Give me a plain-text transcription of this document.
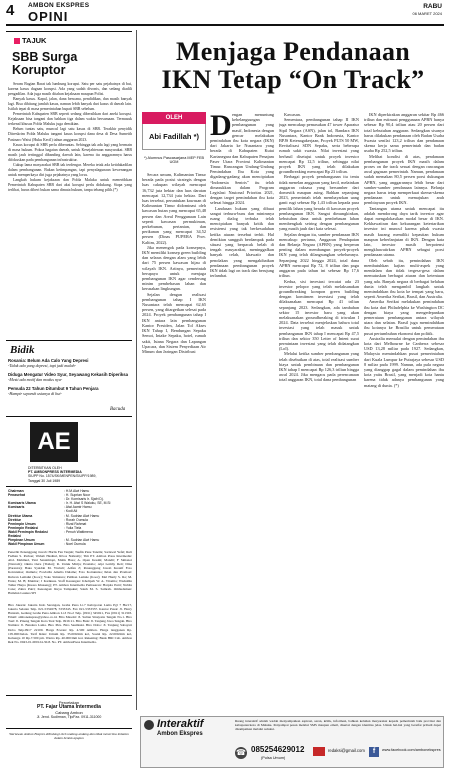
4 AMBON EKSPRES
OPINI
RABU
06 MARET 2024
TAJUK
SBB Surga Koruptor

Seram Bagian Barat tak lumbung korupsi. Satu per satu pejabatnya di bui, karena kasus dugaan korupsi. Ada yang sudah divonis, dan sedang diadili pengadilan. Ada juga masih ditahan kejaksaan maupun Polisi.

Banyak kasus. Kapal, jalan, dana bencana, pendidikan, dan masih banyak lagi. Bisa dihitung jumlah kasus, namun lebih banyak dari kasus di daerah lain. Istilah tepat di masa pemerintahan bupati SBB sebelum.

Pemerintah Kabupaten SBB seperti sedang dibersihkan dari aneki korupsi. Kejaksaan bisa tangani dan bahkan tiga dalam waktu bersamaan. Termasuk terkenal khusus Polda Maluku juga demikian.

Belum tuntas satu, muncul lagi satu kasus di SBB. Terakhir penyidik Ditreskrim Polda Maluku tangani kasus korupsi dana desa di Desa Sumeith Pasinaro Waisi (Huku Kecil) tahun anggaran 2023.

Kasus korupsi di SBB perlu diberantas. Sehingga tak ada lagi yang bermain di masa hukum. Pokoa bagaian daerah, untuk Kesejahteraan masyarakat. SBB masih jauh tertinggal dibanding daerah lain, karena itu anggarannya harus difokuskan pada pembangunan infrastruktur.

Cukup lama masyarakat SBB tak terdengar. Mereka tetak ada ketidakadilan dalam pembangunan. Bukan ketimpangan, tapi penyalagunaan kewenangan untuk memperkaya diri juga pejabatnya yang lorsu.

Langkah hukum kejaksaan dan Polda Maluku untuk menertibkan Pemerintah Kabupaten SBB dari aksi korupsi perlu didukung. Siapa yang terlibat, harus diberi bukan sama dimata hukum, tanpa tebang pilih.(*)

Bidik
Rosania: Belum Ada Calo Yang Depresi
-Tidak ada yang depresi, tapi jadi malah-
Diduga Mengatur Video Syur, Seyawang Kekasih Diperiksa
-Mesti ada motif dan modus nya-
Pemuda 22 Tahun Ditumbut 9 Tahun Penjara
-Hampir separuh usianya di bui-
Bacuda
AE
DITERBITKAN OLEH
PT. AMBONPRESS INTERMEDIA
SIUPP No. 1574/SK/MENPEN/SIUPP/1989,
Tanggal 30 Juli 1989
Chairman	: H.M.Alwi Hamu
Penasehat	: H. Suprian Noor
: Dr. Komisaris Ir. Sjafri Dj.
Komisaris Utama	: Ir. H. Alwi S Waluku, SE, M.Si
Komisaris	: Alwi Aamir Hamu
: Kodi Ali
Direktur Utama	: M. Sudrian Alwi Hamu
Direktur	: Rorah Oumula
Pemimpin Umum	: Rizal Rahmat
Pemimpin Redaksi	: Yulia Tiela
Wakil Pemimpin Redaksi	: Penuh Wattimena
Redaksi
Pimpinan Umum	: M. Sudrian Alwi Hamu
Wakil Pimpinan Umum	: Noel Oumula
Penerbit Penanggung Jawab: Harlis Fan Tanjah; Taufik Pane Tanzila; Sarlawal Yefal; Ruli Fadhan S. Parhon; Wahab Hasihul, Rivos Nalleuby; Tim PT. Ambon Press Intermedia: Abd. Mahmud, Yani Sanatmiqat, Malik Hasa; A. Open Inosim; Mandit; F Simanoi (Nanrotit); Oknia Oeru (Tiahat); R. Untuk Mirija; Prasistio; Alpi Lemby Reti; Dina (Parantoi); Baka Syaidah M. Ytulwit; Adfan Z; Penanggung Jawab Kreatif Foto Koirunnisa; Oumula; Fowisilla Amelia Dulame; Foto Koirunnisa; Iklan dan Promosi: Rulwan Lemaiki (Koor); Yoko Simatura; Pulihan Lemale (Koor); Mel Hanly S. Ra; M. Entas; M. B; Mutmar; J Karikuus. Staff Keuangan: Kholipah W. A. Vitomia; Waduldin Tuhur Harpa (Kuasa Khuseng); PT. Ambon Intermedia Pemasaran: Harpita Putri; Nabila Cana; Zahra Putri; Keuangan: Ruyu Tampakui; Saleh M. S. Samrah. Ombudsmen: Hamdan Launua SH
Biro Jakarta: Jakarta Indo Sarangan, Graha Pena Lt.7 Kebayoran Lama Pgl 7 Hu/17, Jakarta Selatan Telp. 021-5332678, 5333343. Fax 021-5333337. Kantor Pusat: Jl. Harry Haniom, Gedung Graha Pena Ambon Lt.3 No.2 Telp. (0911) 345021, Fax (0911) 311303. Email: ambonekspres@yahoo.co.id. Biro Masohi: Jl. Sultan Sinuyatta Tengah No.1. Biro Tual: Jl. Pinang Tengah Kota Tual Telp. 0916 21. Biro Bula: Jl. Tanjung Jawa Tengah. Biro Namlea: Jl. Bandara Lama. Biro Piru. Biro Saumlaki. Biro Dobo: Jl. Tanjung Sabayari Dobo Telp.0917 22100. Harga Eceran: Rp. 4.500 Ambon. Harga langganan Rp. 105.000/bulan. Tarif Iklan: Umum Rp. 35.000/mm kol, Sosial Rp. 22.000/mm kol, Keluarga 10 Rp.7.500 pm. Warna Rp. 40.000/mm kol. Rekening: Bank BRI Cab. Ambon Rek No. 0043-01-000124-30-8. No. PT. AmbonPress Intermedia.
Percetakan
PT. Fajar Utama Intermedia
Cabang Ambon
Jl. Jend. Sudirman, Tlp/Fax. 0911-311000
Wartawan Ambon Ekspres dilindungi oleh undang-undang dan tidak menerima imbalan dalam bentuk apapun
Menjaga Pendanaan
IKN Tetap “On Track”
OLEH
Abi Fadillah *)
*) Alumnus Pascasarjana MEP FEB UGM
D engan menuntung kebelangsungan pembangunan yang masif, Indonesia dengan gencar melakukan pemindahan ibu kota negara (IKN) dari Jakarta ke Nusantara yang berada di Kabupaten Kutai Kartanegara dan Kabupaten Penajam Paser Utara Provinsi Kalimantan Timur. Rancangan Undang-Undang Pemindahan Ibu Kota yang digadang-gadang akan menciptakan “Indonesia Sentris” itu telah dimasukkan dalam Program Legislasi Nasional Prioritas 2021, dengan target pemindahan ibu kota selesai hingga 2024.

Landasan hukum yang dibuat sangat terburu-buru dan minimnya ruang dialog terbuka telah menciptakan banyak kritik dan resistensi yang tak berkesudahan ketika aturan tersebut terbit. Hal demikian sungguh berdampak pada situasi yang berpacak belah di tengah masyarakat, meninggalkan banyak celah, khawatir dan penolakan yang mengakibatkan pendanaan pembangunan proyek IKN tidak lagi on track dan berujung terlambat.

Secara umum, Kalimantan Timur berada pada posisi strategis dengan luas cakupan wilayah mencapai 16,732 juta hektar dan luas daratan mencapai 12,734 juta hektar. Dari luas tersebut, peruntukan kawasan di Kalimantan Timur didominasi oleh kawasan hutan yang mencapai 65,48 persen dan Areal Penggunaan Lain seperti kawasan permukiman, perkebunan, pertanian, dan perikanan yang mencapai 34,52 persen (Dinas PUPERA Prov. Kaltim, 2022).

Jika menengok pada konsepnya, IKN memiliki konsep green building dan selaras dengan alam yang lebih dari 75 persen kawasan hijau di wilayah IKN. Artinya, pemerintah berupaya untuk menjaga pembangunan IKN agar cenderung minim pembebasan lahan dan kerusakan lingkungan.

Sejalan dengan realisasi pembangunan tahap I IKN Nusantara telah mencapai 62,65 persen, yang ditargetkan selesai pada 2024. Proyek pembangunan tahap I IKN antara lain pembangunan Kantor Presiden, Jalan Tol Akses IKN Tahap I, Bendungan Sepaku Semoi, Intake Sepaku, hotel, rumah sakit, Istana Negara dan Lapangan Upacara, dan Sistem Penyediaan Air Minum dan Jaringan Distribusi

Kawasan.

Sementara, pembangunan tahap II IKN juga mencakup pemasukan 47 tower Aparatur Sipil Negara (ASN), jalan tol, Bandara IKN Nusantara, Kantor Bank Indonesia, Kantor BPJS Ketenagakerjaan, Proyek PLTS 50 MW, Revitalisasi SDN Sepaku, serta beberapa rumah sakit swasta. Nilai investasi yang berhasil disetujui untuk proyek investor mencapai Rp 12,5 triliun, sehingga nilai proyek IKN yang telah dilakukan groundbreaking mencapai Rp 23 triliun.

Berbagai proyek pembangunan itu tentu tidak menelan anggaran yang kecil, melainkan anggaran raksasa yang bersumber dari domestik maupun asing. Bahkan sepanjang 2023, pemerintah telah membayarkan uang ganti rugi sebesar Rp 1,43 triliun kepada para pemilik lahan yang berada di kawasan proyek pembangunan IKN. Sangat dimungkinkan, kebutuhan dana untuk pembebasan lahan membengkak seiring dengan pembangunan yang masih jauh dari kata selesai.

Sejalan dengan itu, sumber pendanaan IKN mencakup: pertama, Anggaran Pendapatan dan Belanja Negara (APBN) yang berperan penting dalam membangun proyek-proyek IKN yang telah dilangsungkan sebelumnya. Sepanjang 2022 hingga 2024, total dana APBN mencapai Rp 72, 8 triliun dan pagu anggaran pada tahun ini sebesar Rp 17,6 triliun.

Kedua, sisi investasi tercatat ada 23 investor pelopor yang telah melaksanakan groundbreaking kompon green building dengan komitmen investasi yang telah dilaksanakan mencapai Rp 41 triliun sepanjang 2023. Sedangkan, ada tambahan sektor 15 investor baru yang akan melaksanakan groundbreaking di triwulan I 2024. Data tersebut menjelaskan bahwa total investasi yang telah masuk untuk pembangunan IKN tahap I mencapai Rp 47,5 triliun dan sektor 350 Letter of Intent surat permintaan investasi yang telah didatangkan (LoI).

Melalui ketika sumber pembangunan yang telah disebutkan di atas, total realisasi sumber biaya untuk pembinaan dan pembangunan IKN tahap I mencapai Rp 126,3 triliun hingga awal 2024. Jika mengacu pada perencanaan total anggaran IKN, total dana pembangunan

IKN diperkirakan anggaran sekitar Rp 466 triliun dan estimasi penggunaan APBN hanya sebesar Rp 90,4 triliun atau 20 persen dari total kebutuhan anggaran. Sedangkan sisanya harus dilakukan pendanaan oleh Badan Usaha Swasta senilai 123,2 triliun dan pendanaan skema kerja sama pemerintah dan badan usaha Rp 252,5 triliun.

Melihat kondisi di atas, pendanaan pembangunan proyek IKN masih dalam proses on the track sesuai dengan rancangan awal gagasan pemerintah. Namun, pendanaan sudah memakan 80,5 persen porsi dukungan APBN, yang anggarannya lebih besar dari sumber-sumber pendanaan lainnya. Belanja negara harus tetap memperkuat skema-skema pendanaan untuk memajukan arah pembiayaan proyek IKN.

Tantangan utama untuk mencapai itu adalah mendorong daya tarik investor agar dapat mengalokasikan modal besar di IKN. Kekhawatiran dan kekurangan ketertarikan investor ini muncul karena pihak swasta masih kurang memiliki kepastian hukum maupun keberlanjutan di IKN. Dengan kata lain, investor masih berpotensi mengkhawatirkan APBN sebagai porsi pendanaan utama.

Oleh sebab itu, pemindahan IKN membutuhkan kajian multi-aspek yang mendalam dan tidak tergesa-gesa dalam memutuskan berbagai aturan dan ketentuan yang ada. Banyak negara di berbagai belahan dunia telah mengambil langkah untuk memindahkan ibu kota ke tempat yang baru, seperti Amerika Serikat, Brasil, dan Australia.

Amerika Serikat melakukan pemindahan ibu kota dari Philadelphia ke Washington DC dengan biaya yang mengedepankan pemerataan pembangunan antara wilayah utara dan selatan. Brasil juga memindahkan ibu kotanya ke Brasilia untuk pemerataan pusat pertumbuhan ekonomi dan politik.

Australia memulai dengan pemindahan ibu kota dari Melbourne ke Canberra sebesar USD 13,28 miliar pada 1927. Sedangkan, Malaysia memindahkan pusat pemerintahan dari Kuala Lumpur ke Putrajaya sebesar USD 8 miliar pada 1999. Namun, ada pula negara yang dianggap gagal dalam pemindahan ibu kota yaitu Brasil, yang menjadi kota hantu karena tidak adanya pembangunan yang matang di dunia. (*)

Interaktif
Ambon Ekspres
Ruang interaktif adalah wadah menyampaikan aspirasi, saran, kritik, informasi, bahkan keluhan masyarakat kepada pemerintah baik provinsi dan kabupaten/kota di Maluku. Penyampai pesan melalui SMS maupun email, disertai dengan identitas jelas. Untuk hal-hal yang bersifat pribadi dapat disampaikan melalui redaksi.
☎ 085254629012
(Pulsa Umum)
redaksi@gmail.com	f	www.facebook.com/ambonekspres
